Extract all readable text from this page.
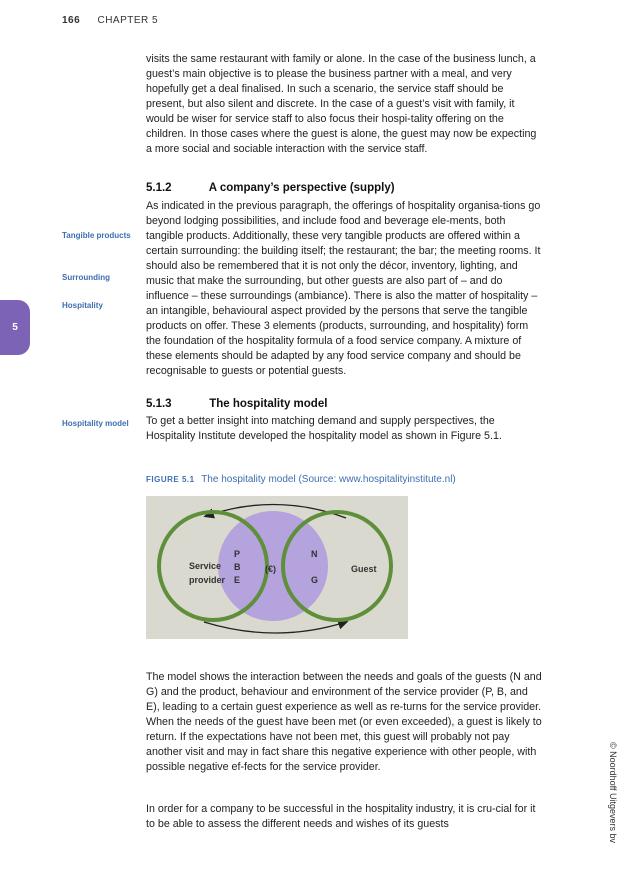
166 CHAPTER 5
5
visits the same restaurant with family or alone. In the case of the business lunch, a guest’s main objective is to please the business partner with a meal, and very hopefully get a deal finalised. In such a scenario, the service staff should be present, but also silent and discrete. In the case of a guest’s visit with family, it would be wiser for service staff to also focus their hospi-tality offering on the children. In those cases where the guest is alone, the guest may now be expecting a more social and sociable interaction with the service staff.
5.1.2	A company’s perspective (supply)
As indicated in the previous paragraph, the offerings of hospitality organisa-tions go beyond lodging possibilities, and include food and beverage ele-ments, both tangible products. Additionally, these very tangible products are offered within a certain surrounding: the building itself; the restaurant; the bar; the meeting rooms. It should also be remembered that it is not only the décor, inventory, lighting, and music that make the surrounding, but other guests are also part of – and do influence – these surroundings (ambiance). There is also the matter of hospitality – an intangible, behavioural aspect provided by the persons that serve the tangible products on offer. These 3 elements (products, surrounding, and hospitality) form the foundation of the hospitality formula of a food service company. A mixture of these elements should be adapted by any food service company and should be recognisable to guests or potential guests.
Tangible products
Surrounding
Hospitality
5.1.3	The hospitality model
To get a better insight into matching demand and supply perspectives, the Hospitality Institute developed the hospitality model as shown in Figure 5.1.
Hospitality model
FIGURE 5.1 The hospitality model (Source: www.hospitalityinstitute.nl)
Service
provider
P
B
E
(€)
N
G
Guest
The model shows the interaction between the needs and goals of the guests (N and G) and the product, behaviour and environment of the service provider (P, B, and E), leading to a certain guest experience as well as re-turns for the service provider. When the needs of the guest have been met (or even exceeded), a guest is likely to return. If the expectations have not been met, this guest will probably not pay another visit and may in fact share this negative experience with other people, with possible negative ef-fects for the service provider.
In order for a company to be successful in the hospitality industry, it is cru-cial for it to be able to assess the different needs and wishes of its guests	© Noordhoff Uitgevers bv
